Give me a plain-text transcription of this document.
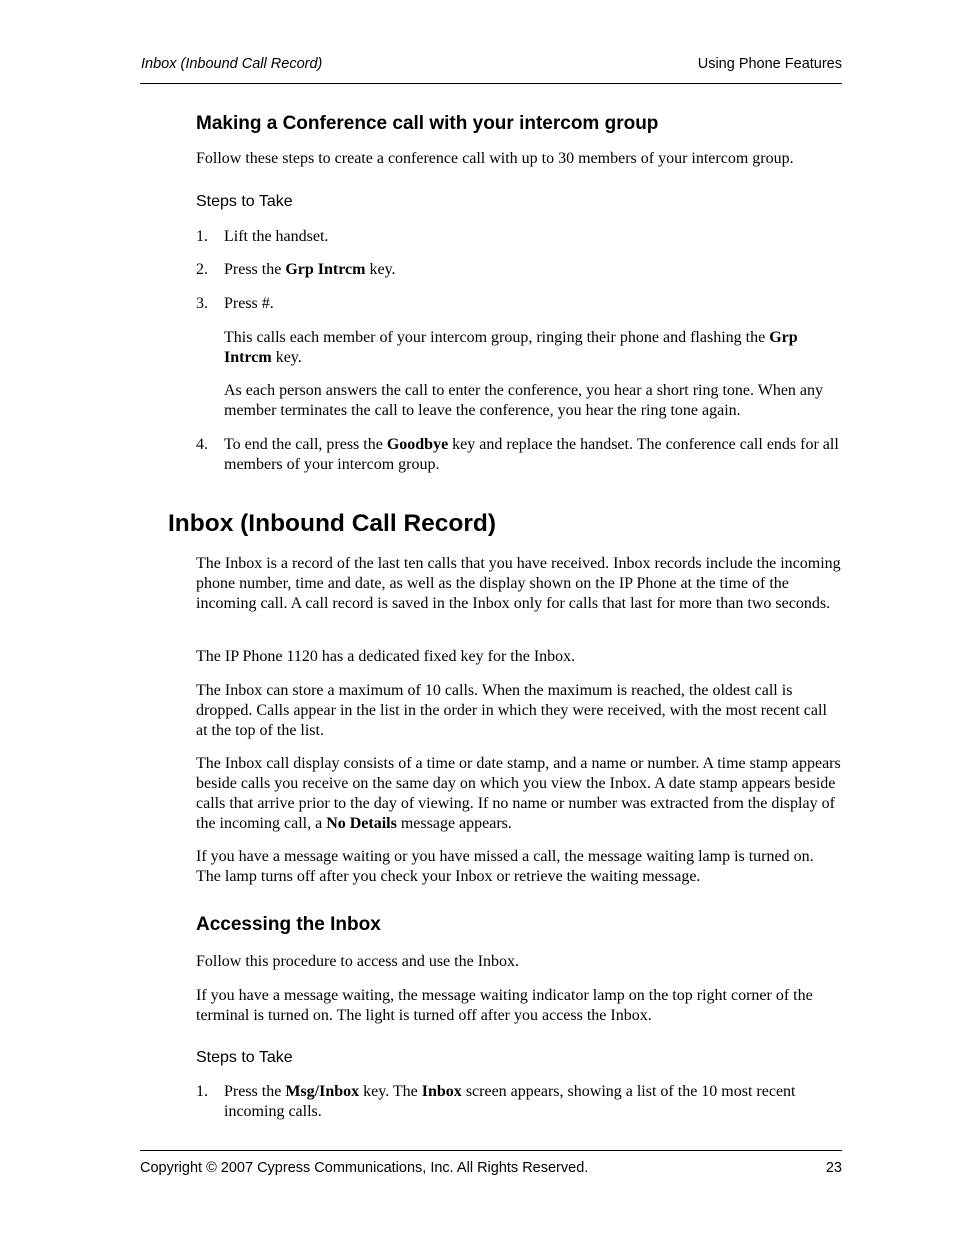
Inbox (Inbound Call Record)	Using Phone Features
Making a Conference call with your intercom group
Follow these steps to create a conference call with up to 30 members of your intercom group.
Steps to Take
1. Lift the handset.
2. Press the Grp Intrcm key.
3. Press #.
This calls each member of your intercom group, ringing their phone and flashing the Grp Intrcm key.
As each person answers the call to enter the conference, you hear a short ring tone. When any member terminates the call to leave the conference, you hear the ring tone again.
4. To end the call, press the Goodbye key and replace the handset. The conference call ends for all members of your intercom group.
Inbox (Inbound Call Record)
The Inbox is a record of the last ten calls that you have received. Inbox records include the incoming phone number, time and date, as well as the display shown on the IP Phone at the time of the incoming call. A call record is saved in the Inbox only for calls that last for more than two seconds.
The IP Phone 1120 has a dedicated fixed key for the Inbox.
The Inbox can store a maximum of 10 calls. When the maximum is reached, the oldest call is dropped. Calls appear in the list in the order in which they were received, with the most recent call at the top of the list.
The Inbox call display consists of a time or date stamp, and a name or number. A time stamp appears beside calls you receive on the same day on which you view the Inbox. A date stamp appears beside calls that arrive prior to the day of viewing. If no name or number was extracted from the display of the incoming call, a No Details message appears.
If you have a message waiting or you have missed a call, the message waiting lamp is turned on. The lamp turns off after you check your Inbox or retrieve the waiting message.
Accessing the Inbox
Follow this procedure to access and use the Inbox.
If you have a message waiting, the message waiting indicator lamp on the top right corner of the terminal is turned on. The light is turned off after you access the Inbox.
Steps to Take
1. Press the Msg/Inbox key. The Inbox screen appears, showing a list of the 10 most recent incoming calls.
Copyright © 2007 Cypress Communications, Inc. All Rights Reserved.	23
